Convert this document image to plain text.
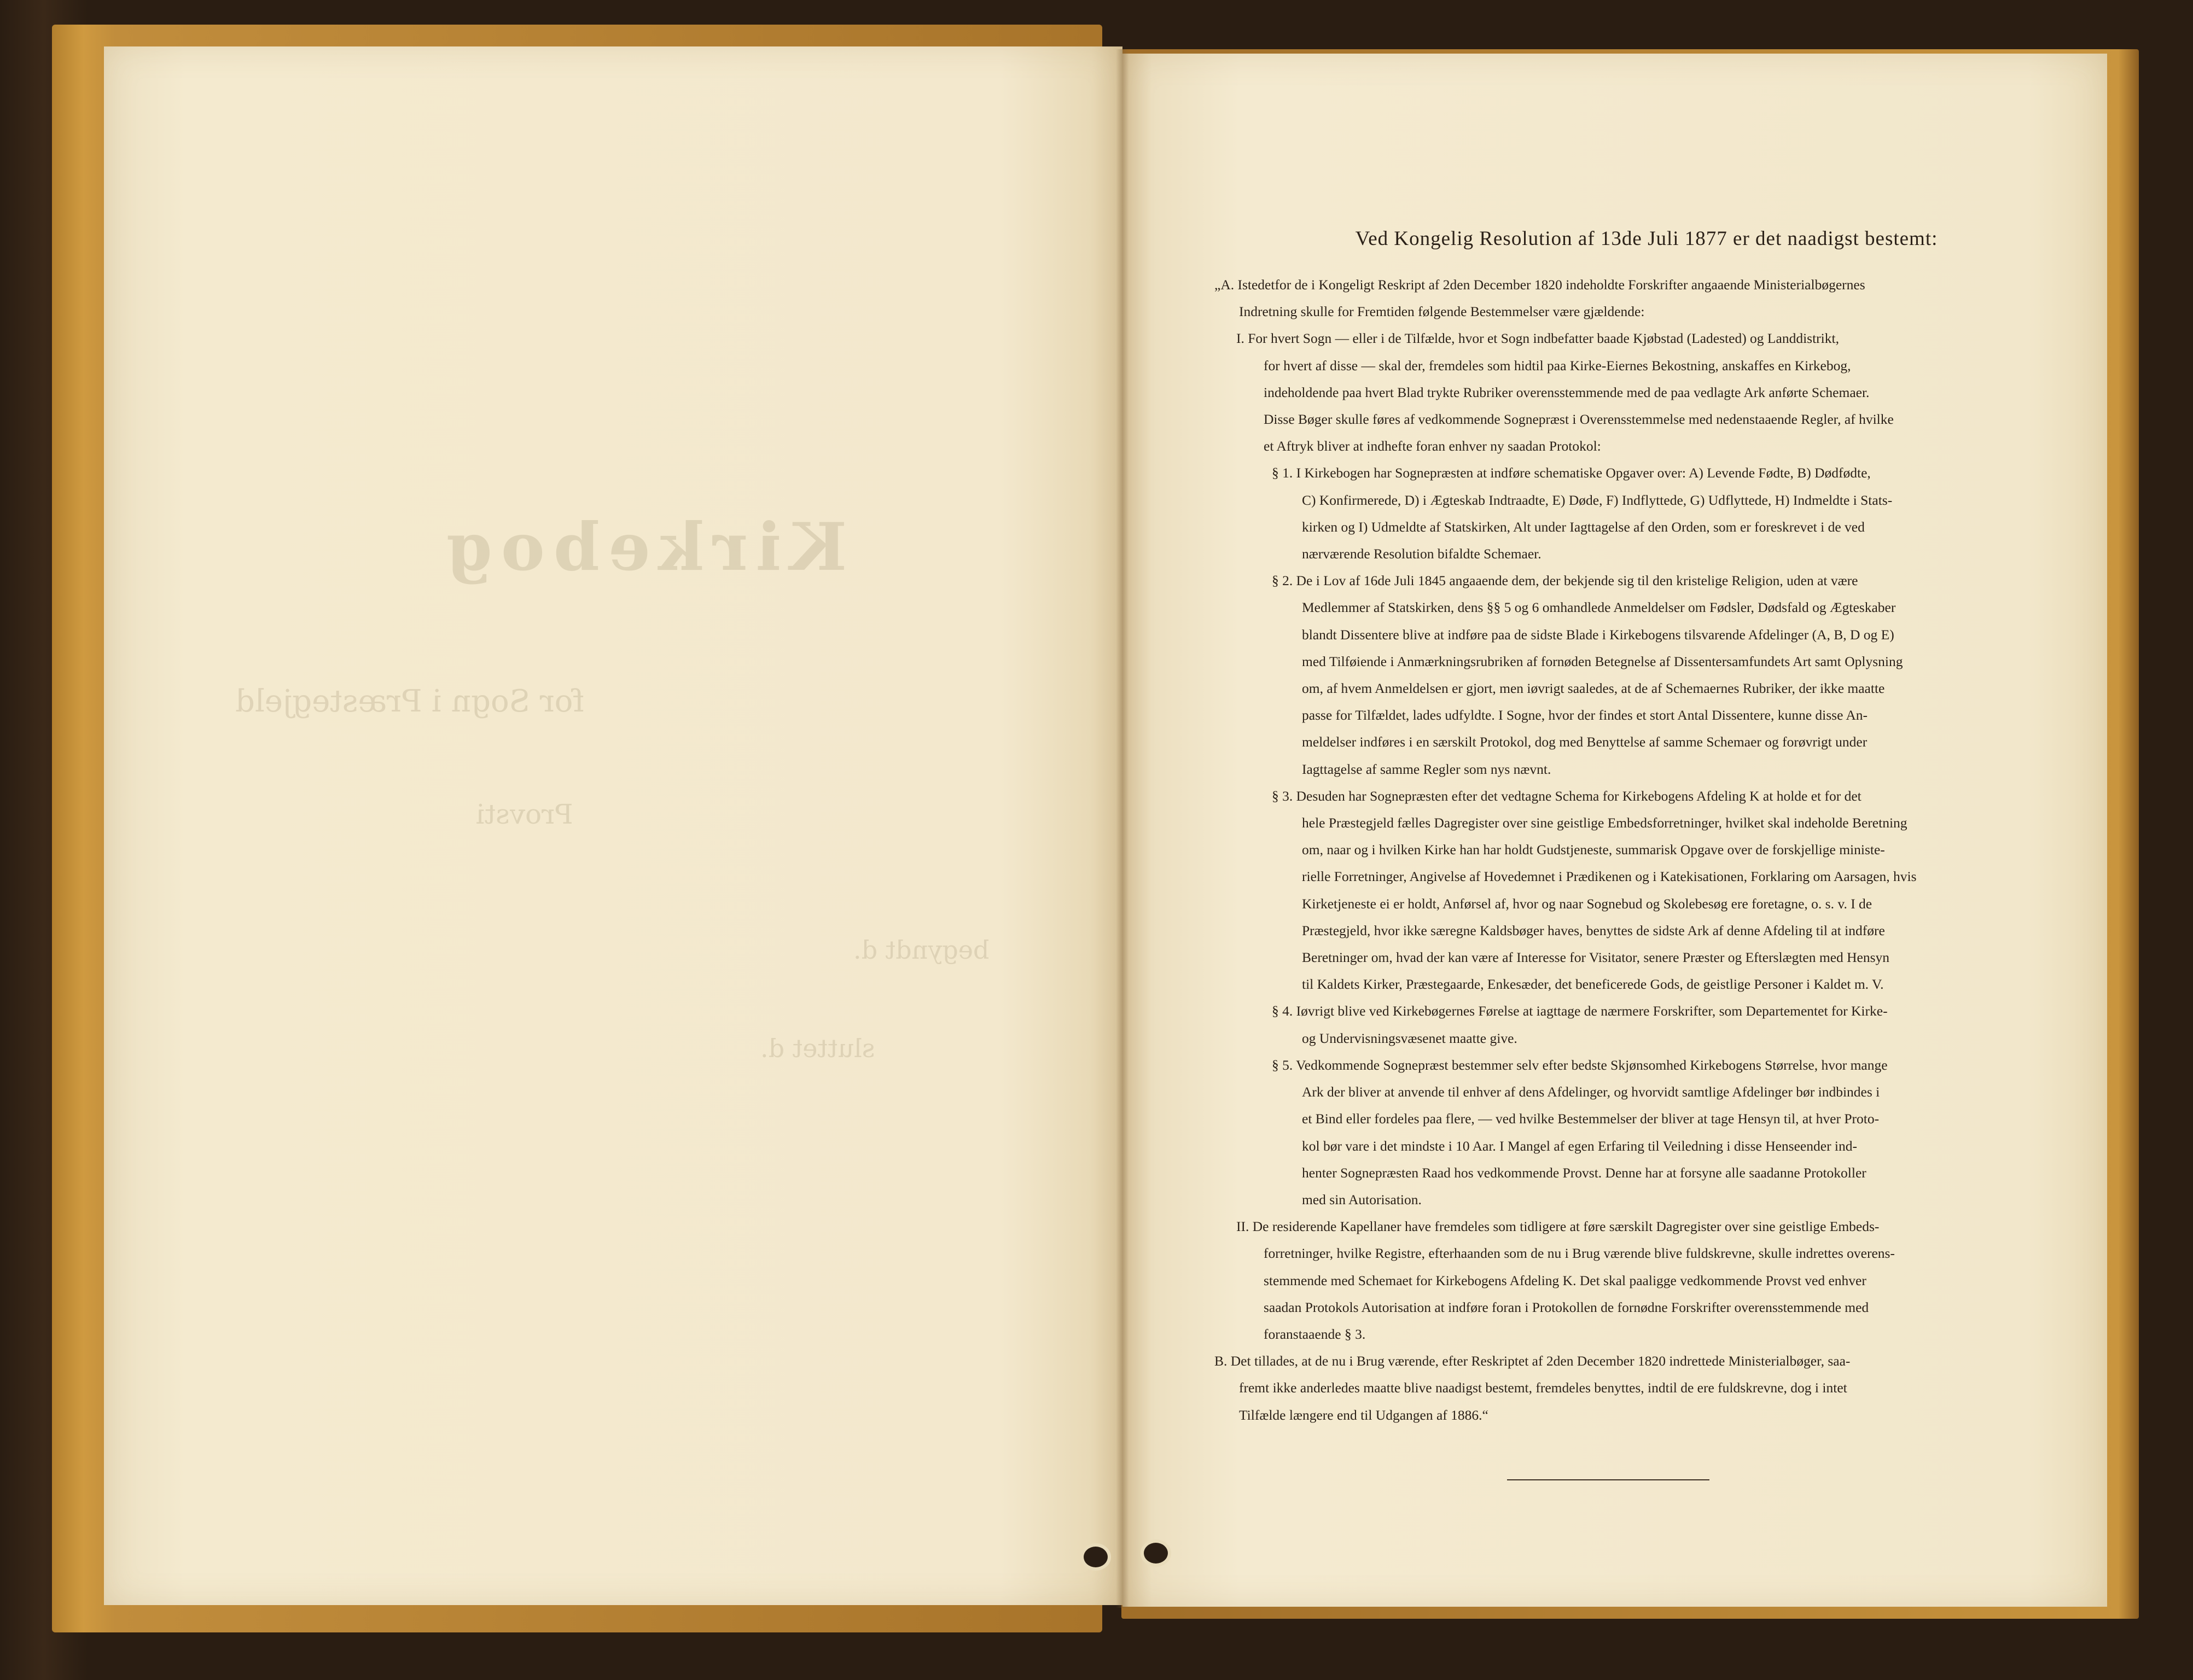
Kirkebog
for Sogn i Præstegjeld
Provsti
begyndt d.
sluttet d.
Ved Kongelig Resolution af 13de Juli 1877 er det naadigst bestemt:
„A. Istedetfor de i Kongeligt Reskript af 2den December 1820 indeholdte Forskrifter angaaende Ministerialbøgernes
Indretning skulle for Fremtiden følgende Bestemmelser være gjældende:
I. For hvert Sogn — eller i de Tilfælde, hvor et Sogn indbefatter baade Kjøbstad (Ladested) og Landdistrikt,
for hvert af disse — skal der, fremdeles som hidtil paa Kirke-Eiernes Bekostning, anskaffes en Kirkebog,
indeholdende paa hvert Blad trykte Rubriker overensstemmende med de paa vedlagte Ark anførte Schemaer.
Disse Bøger skulle føres af vedkommende Sognepræst i Overensstemmelse med nedenstaaende Regler, af hvilke
et Aftryk bliver at indhefte foran enhver ny saadan Protokol:
§ 1. I Kirkebogen har Sognepræsten at indføre schematiske Opgaver over: A) Levende Fødte, B) Dødfødte,
C) Konfirmerede, D) i Ægteskab Indtraadte, E) Døde, F) Indflyttede, G) Udflyttede, H) Indmeldte i Stats-
kirken og I) Udmeldte af Statskirken, Alt under Iagttagelse af den Orden, som er foreskrevet i de ved
nærværende Resolution bifaldte Schemaer.
§ 2. De i Lov af 16de Juli 1845 angaaende dem, der bekjende sig til den kristelige Religion, uden at være
Medlemmer af Statskirken, dens §§ 5 og 6 omhandlede Anmeldelser om Fødsler, Dødsfald og Ægteskaber
blandt Dissentere blive at indføre paa de sidste Blade i Kirkebogens tilsvarende Afdelinger (A, B, D og E)
med Tilføiende i Anmærkningsrubriken af fornøden Betegnelse af Dissentersamfundets Art samt Oplysning
om, af hvem Anmeldelsen er gjort, men iøvrigt saaledes, at de af Schemaernes Rubriker, der ikke maatte
passe for Tilfældet, lades udfyldte. I Sogne, hvor der findes et stort Antal Dissentere, kunne disse An-
meldelser indføres i en særskilt Protokol, dog med Benyttelse af samme Schemaer og forøvrigt under
Iagttagelse af samme Regler som nys nævnt.
§ 3. Desuden har Sognepræsten efter det vedtagne Schema for Kirkebogens Afdeling K at holde et for det
hele Præstegjeld fælles Dagregister over sine geistlige Embedsforretninger, hvilket skal indeholde Beretning
om, naar og i hvilken Kirke han har holdt Gudstjeneste, summarisk Opgave over de forskjellige ministe-
rielle Forretninger, Angivelse af Hovedemnet i Prædikenen og i Katekisationen, Forklaring om Aarsagen, hvis
Kirketjeneste ei er holdt, Anførsel af, hvor og naar Sognebud og Skolebesøg ere foretagne, o. s. v. I de
Præstegjeld, hvor ikke særegne Kaldsbøger haves, benyttes de sidste Ark af denne Afdeling til at indføre
Beretninger om, hvad der kan være af Interesse for Visitator, senere Præster og Efterslægten med Hensyn
til Kaldets Kirker, Præstegaarde, Enkesæder, det beneficerede Gods, de geistlige Personer i Kaldet m. V.
§ 4. Iøvrigt blive ved Kirkebøgernes Førelse at iagttage de nærmere Forskrifter, som Departementet for Kirke-
og Undervisningsvæsenet maatte give.
§ 5. Vedkommende Sognepræst bestemmer selv efter bedste Skjønsomhed Kirkebogens Størrelse, hvor mange
Ark der bliver at anvende til enhver af dens Afdelinger, og hvorvidt samtlige Afdelinger bør indbindes i
et Bind eller fordeles paa flere, — ved hvilke Bestemmelser der bliver at tage Hensyn til, at hver Proto-
kol bør vare i det mindste i 10 Aar. I Mangel af egen Erfaring til Veiledning i disse Henseender ind-
henter Sognepræsten Raad hos vedkommende Provst. Denne har at forsyne alle saadanne Protokoller
med sin Autorisation.
II. De residerende Kapellaner have fremdeles som tidligere at føre særskilt Dagregister over sine geistlige Embeds-
forretninger, hvilke Registre, efterhaanden som de nu i Brug værende blive fuldskrevne, skulle indrettes overens-
stemmende med Schemaet for Kirkebogens Afdeling K. Det skal paaligge vedkommende Provst ved enhver
saadan Protokols Autorisation at indføre foran i Protokollen de fornødne Forskrifter overensstemmende med
foranstaaende § 3.
B. Det tillades, at de nu i Brug værende, efter Reskriptet af 2den December 1820 indrettede Ministerialbøger, saa-
fremt ikke anderledes maatte blive naadigst bestemt, fremdeles benyttes, indtil de ere fuldskrevne, dog i intet
Tilfælde længere end til Udgangen af 1886.“
